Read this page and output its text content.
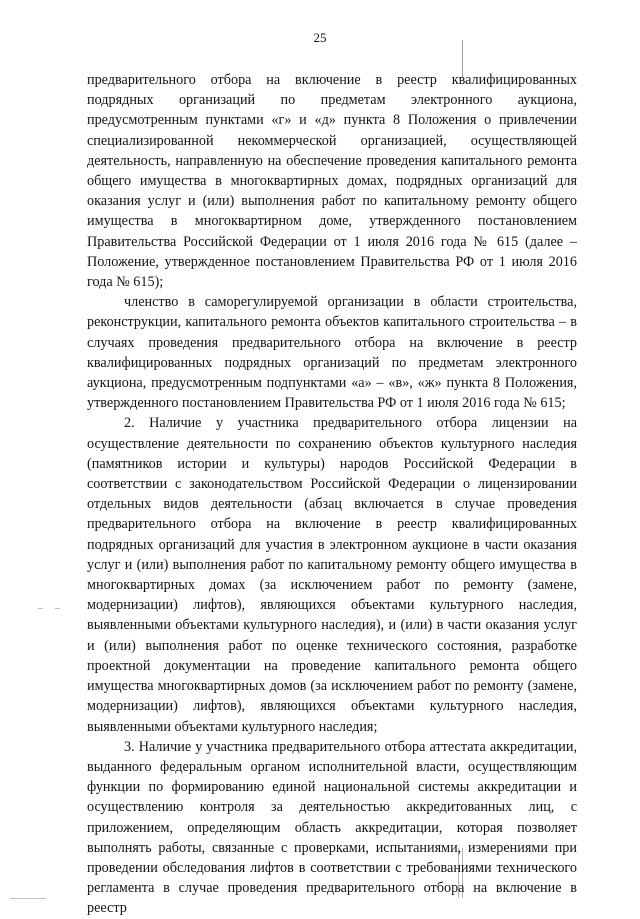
25

предварительного отбора на включение в реестр квалифицированных подрядных организаций по предметам электронного аукциона, предусмотренным пунктами «г» и «д» пункта 8 Положения о привлечении специализированной некоммерческой организацией, осуществляющей деятельность, направленную на обеспечение проведения капитального ремонта общего имущества в многоквартирных домах, подрядных организаций для оказания услуг и (или) выполнения работ по капитальному ремонту общего имущества в многоквартирном доме, утвержденного постановлением Правительства Российской Федерации от 1 июля 2016 года № 615 (далее – Положение, утвержденное постановлением Правительства РФ от 1 июля 2016 года № 615);

членство в саморегулируемой организации в области строительства, реконструкции, капитального ремонта объектов капитального строительства – в случаях проведения предварительного отбора на включение в реестр квалифицированных подрядных организаций по предметам электронного аукциона, предусмотренным подпунктами «а» – «в», «ж» пункта 8 Положения, утвержденного постановлением Правительства РФ от 1 июля 2016 года № 615;

2. Наличие у участника предварительного отбора лицензии на осуществление деятельности по сохранению объектов культурного наследия (памятников истории и культуры) народов Российской Федерации в соответствии с законодательством Российской Федерации о лицензировании отдельных видов деятельности (абзац включается в случае проведения предварительного отбора на включение в реестр квалифицированных подрядных организаций для участия в электронном аукционе в части оказания услуг и (или) выполнения работ по капитальному ремонту общего имущества в многоквартирных домах (за исключением работ по ремонту (замене, модернизации) лифтов), являющихся объектами культурного наследия, выявленными объектами культурного наследия), и (или) в части оказания услуг и (или) выполнения работ по оценке технического состояния, разработке проектной документации на проведение капитального ремонта общего имущества многоквартирных домов (за исключением работ по ремонту (замене, модернизации) лифтов), являющихся объектами культурного наследия, выявленными объектами культурного наследия;

3. Наличие у участника предварительного отбора аттестата аккредитации, выданного федеральным органом исполнительной власти, осуществляющим функции по формированию единой национальной системы аккредитации и осуществлению контроля за деятельностью аккредитованных лиц, с приложением, определяющим область аккредитации, которая позволяет выполнять работы, связанные с проверками, испытаниями, измерениями при проведении обследования лифтов в соответствии с требованиями технического регламента в случае проведения предварительного отбора на включение в реестр
